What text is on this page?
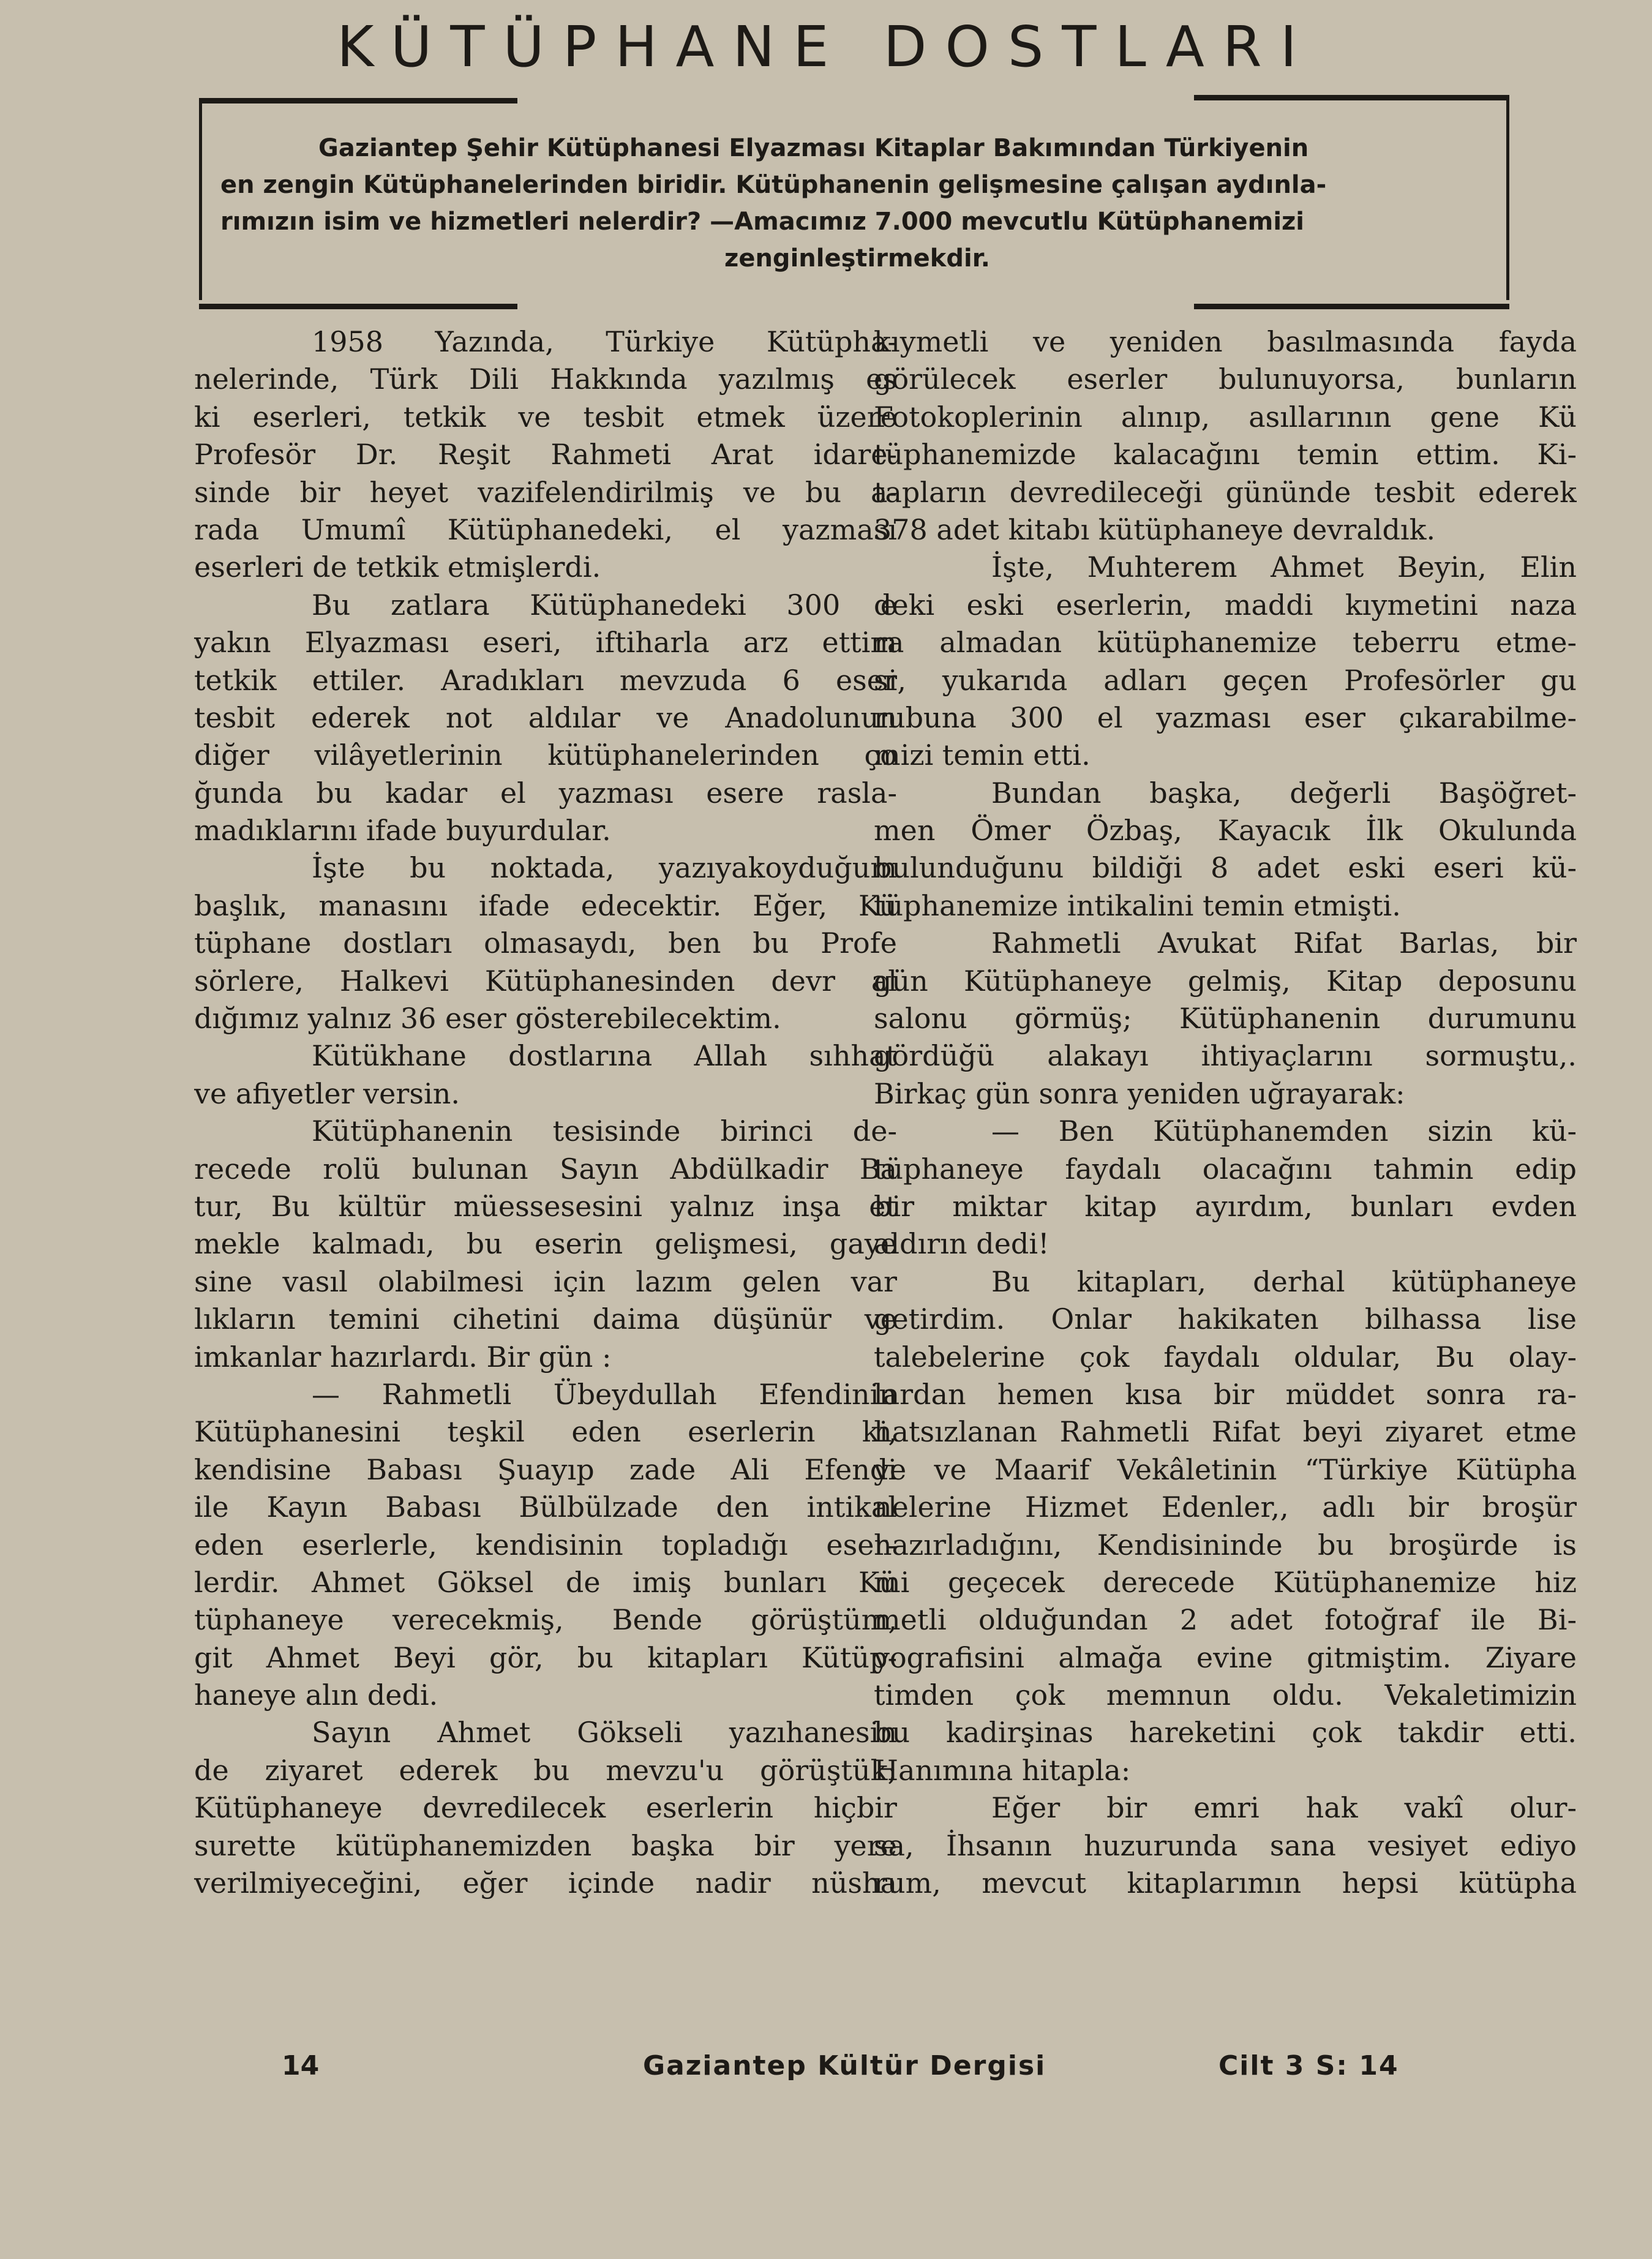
KÜTÜPHANE DOSTLARI
Gaziantep Şehir Kütüphanesi Elyazması Kitaplar Bakımından Türkiyenin
en zengin Kütüphanelerinden biridir. Kütüphanenin gelişmesine çalışan aydınla-
rımızın isim ve hizmetleri nelerdir? —Amacımız 7.000 mevcutlu Kütüphanemizi
zenginleştirmekdir.
1958 Yazında, Türkiye Kütüpha-
nelerinde, Türk Dili Hakkında yazılmış es
ki eserleri, tetkik ve tesbit etmek üzere
Profesör Dr. Reşit Rahmeti Arat idare-
sinde bir heyet vazifelendirilmiş ve bu a-
rada Umumî Kütüphanedeki, el yazması
eserleri de tetkik etmişlerdi.
Bu zatlara Kütüphanedeki 300 e
yakın Elyazması eseri, iftiharla arz ettim
tetkik ettiler. Aradıkları mevzuda 6 eser
tesbit ederek not aldılar ve Anadolunun
diğer vilâyetlerinin kütüphanelerinden ço
ğunda bu kadar el yazması esere rasla-
madıklarını ifade buyurdular.
İşte bu noktada, yazıyakoyduğum
başlık, manasını ifade edecektir. Eğer, Kü
tüphane dostları olmasaydı, ben bu Profe
sörlere, Halkevi Kütüphanesinden devr al
dığımız yalnız 36 eser gösterebilecektim.
Kütükhane dostlarına Allah sıhhat
ve afiyetler versin.
Kütüphanenin tesisinde birinci de-
recede rolü bulunan Sayın Abdülkadir Ba
tur, Bu kültür müessesesini yalnız inşa et
mekle kalmadı, bu eserin gelişmesi, gaye
sine vasıl olabilmesi için lazım gelen var
lıkların temini cihetini daima düşünür ve
imkanlar hazırlardı. Bir gün :
— Rahmetli Übeydullah Efendinin
Kütüphanesini teşkil eden eserlerin ki,
kendisine Babası Şuayıp zade Ali Efendi
ile Kayın Babası Bülbülzade den intikal
eden eserlerle, kendisinin topladığı eser-
lerdir. Ahmet Göksel de imiş bunları Kü
tüphaneye verecekmiş, Bende görüştüm,
git Ahmet Beyi gör, bu kitapları Kütüp-
haneye alın dedi.
Sayın Ahmet Gökseli yazıhanesin
de ziyaret ederek bu mevzu'u görüştük;
Kütüphaneye devredilecek eserlerin hiçbir
surette kütüphanemizden başka bir yere
verilmiyeceğini, eğer içinde nadir nüsha
kıymetli ve yeniden basılmasında fayda
görülecek eserler bulunuyorsa, bunların
Fotokoplerinin alınıp, asıllarının gene Kü
tüphanemizde kalacağını temin ettim. Ki-
tapların devredileceği gününde tesbit ederek
378 adet kitabı kütüphaneye devraldık.
İşte, Muhterem Ahmet Beyin, Elin
deki eski eserlerin, maddi kıymetini naza
ra almadan kütüphanemize teberru etme-
si, yukarıda adları geçen Profesörler gu
rubuna 300 el yazması eser çıkarabilme-
mizi temin etti.
Bundan başka, değerli Başöğret-
men Ömer Özbaş, Kayacık İlk Okulunda
bulunduğunu bildiği 8 adet eski eseri kü-
tüphanemize intikalini temin etmişti.
Rahmetli Avukat Rifat Barlas, bir
gün Kütüphaneye gelmiş, Kitap deposunu
salonu görmüş; Kütüphanenin durumunu
gördüğü alakayı ihtiyaçlarını sormuştu,.
Birkaç gün sonra yeniden uğrayarak:
— Ben Kütüphanemden sizin kü-
tüphaneye faydalı olacağını tahmin edip
bir miktar kitap ayırdım, bunları evden
aldırın dedi!
Bu kitapları, derhal kütüphaneye
getirdim. Onlar hakikaten bilhassa lise
talebelerine çok faydalı oldular, Bu olay-
lardan hemen kısa bir müddet sonra ra-
hatsızlanan Rahmetli Rifat beyi ziyaret etme
ye ve Maarif Vekâletinin “Türkiye Kütüpha
nelerine Hizmet Edenler,, adlı bir broşür
hazırladığını, Kendisininde bu broşürde is
mi geçecek derecede Kütüphanemize hiz
metli olduğundan 2 adet fotoğraf ile Bi-
yografisini almağa evine gitmiştim. Ziyare
timden çok memnun oldu. Vekaletimizin
bu kadirşinas hareketini çok takdir etti.
Hanımına hitapla:
Eğer bir emri hak vakî olur-
sa, İhsanın huzurunda sana vesiyet ediyo
rum, mevcut kitaplarımın hepsi kütüpha
14	Gaziantep Kültür Dergisi	Cilt 3 S: 14
